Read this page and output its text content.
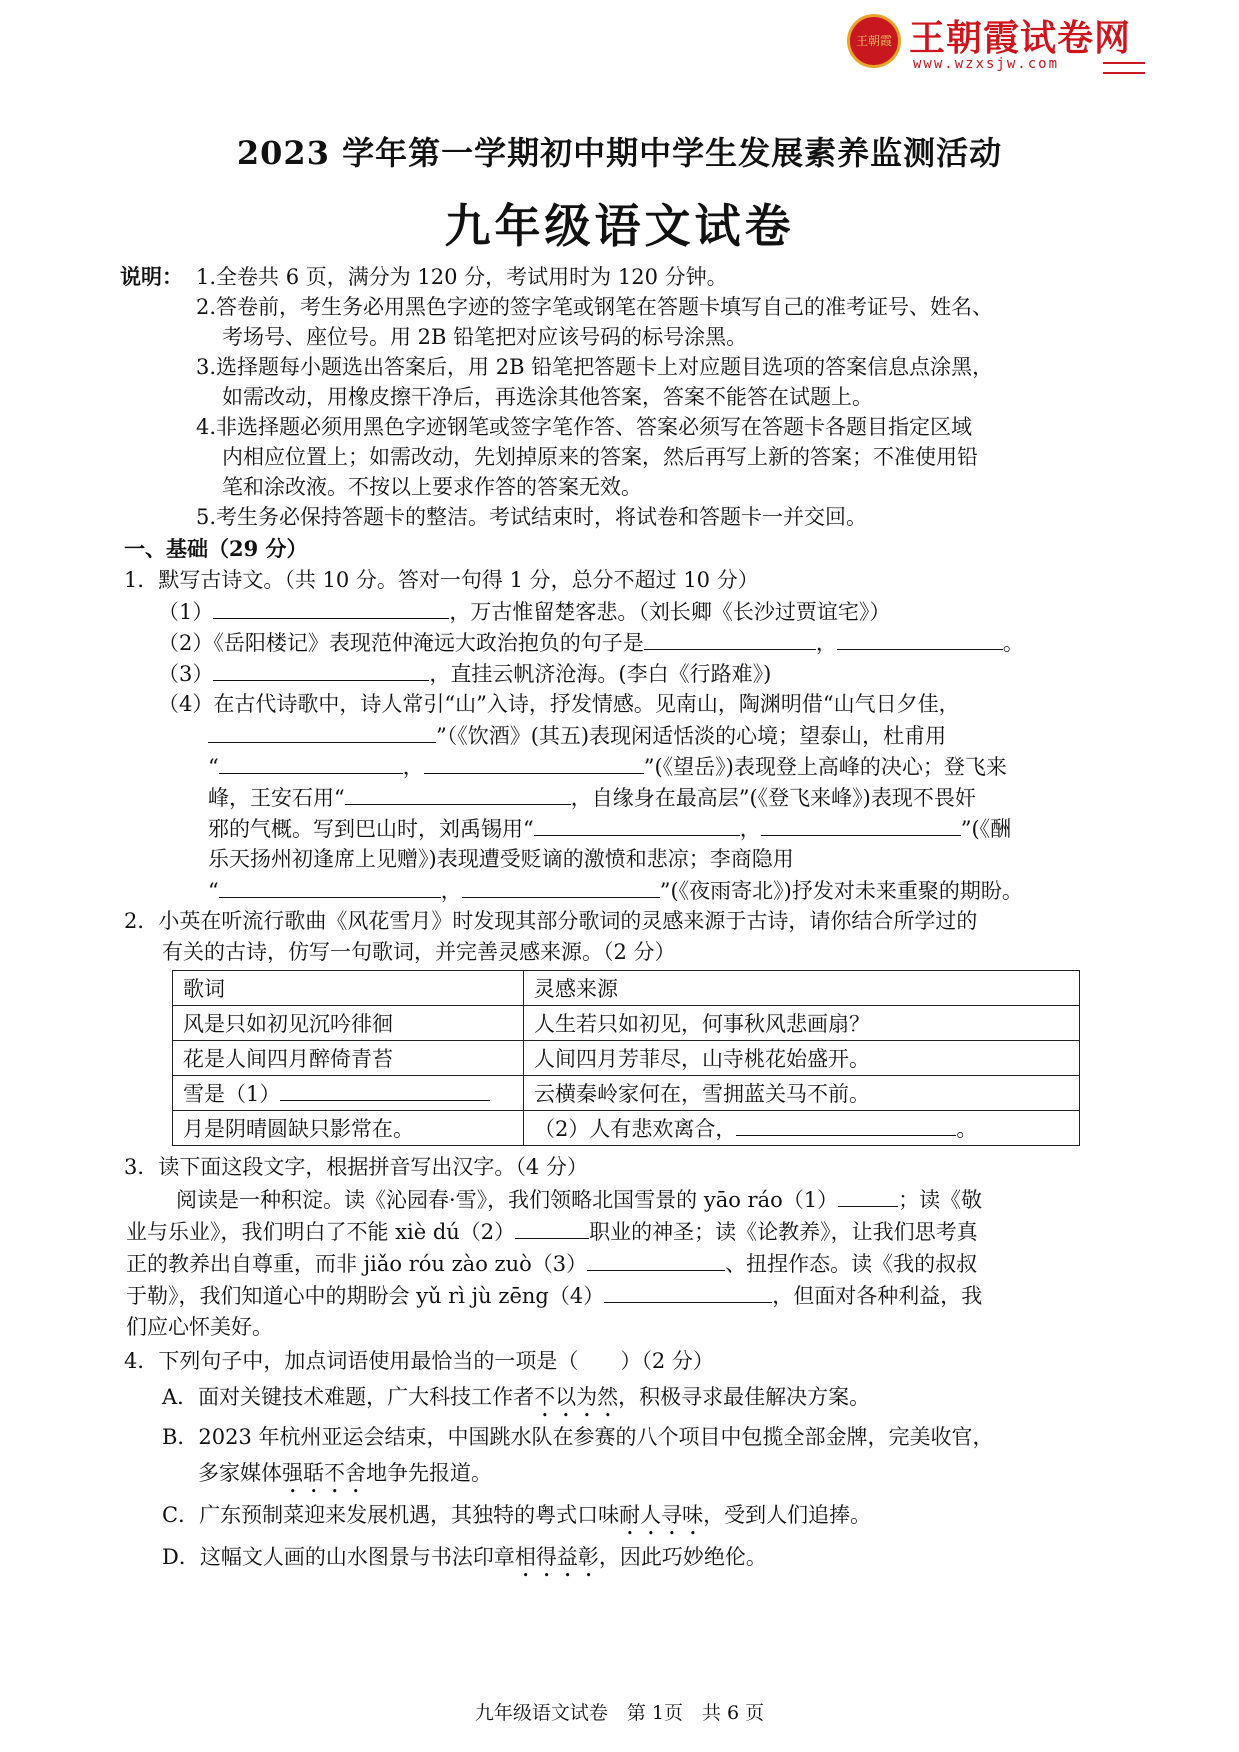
王朝霞 王朝霞试卷网
www.wzxsjw.com
2023 学年第一学期初中期中学生发展素养监测活动
九年级语文试卷
说明： 1.全卷共 6 页，满分为 120 分，考试用时为 120 分钟。
2.答卷前，考生务必用黑色字迹的签字笔或钢笔在答题卡填写自己的准考证号、姓名、
考场号、座位号。用 2B 铅笔把对应该号码的标号涂黑。
3.选择题每小题选出答案后，用 2B 铅笔把答题卡上对应题目选项的答案信息点涂黑，
如需改动，用橡皮擦干净后，再选涂其他答案，答案不能答在试题上。
4.非选择题必须用黑色字迹钢笔或签字笔作答、答案必须写在答题卡各题目指定区域
内相应位置上；如需改动，先划掉原来的答案，然后再写上新的答案；不准使用铅
笔和涂改液。不按以上要求作答的答案无效。
5.考生务必保持答题卡的整洁。考试结束时，将试卷和答题卡一并交回。
一、基础（29 分）
1．默写古诗文。（共 10 分。答对一句得 1 分，总分不超过 10 分）
（1）	，万古惟留楚客悲。（刘长卿《长沙过贾谊宅》）
（2）《岳阳楼记》表现范仲淹远大政治抱负的句子是	，	。
（3）	，直挂云帆济沧海。(李白《行路难》)
（4）在古代诗歌中，诗人常引“山”入诗，抒发情感。见南山，陶渊明借“山气日夕佳，
”（《饮酒》(其五)表现闲适恬淡的心境；望泰山，杜甫用
“	，	”(《望岳》)表现登上高峰的决心；登飞来
峰，王安石用“	，自缘身在最高层”(《登飞来峰》)表现不畏奸
邪的气概。写到巴山时，刘禹锡用“	，	”(《酬
乐天扬州初逢席上见赠》)表现遭受贬谪的激愤和悲凉；李商隐用
“	，	”(《夜雨寄北》)抒发对未来重聚的期盼。
2．小英在听流行歌曲《风花雪月》时发现其部分歌词的灵感来源于古诗，请你结合所学过的
有关的古诗，仿写一句歌词，并完善灵感来源。（2 分）
歌词	灵感来源
风是只如初见沉吟徘徊	人生若只如初见，何事秋风悲画扇？
花是人间四月醉倚青苔	人间四月芳菲尽，山寺桃花始盛开。
雪是（1）	云横秦岭家何在，雪拥蓝关马不前。
月是阴晴圆缺只影常在。	（2）人有悲欢离合， 。
3．读下面这段文字，根据拼音写出汉字。（4 分）
阅读是一种积淀。读《沁园春·雪》，我们领略北国雪景的 yāo ráo（1）	；读《敬
业与乐业》，我们明白了不能 xiè dú（2）	职业的神圣；读《论教养》，让我们思考真
正的教养出自尊重，而非 jiǎo róu zào zuò（3）	、扭捏作态。读《我的叔叔
于勒》，我们知道心中的期盼会 yǔ rì jù zēng（4）	，但面对各种利益，我
们应心怀美好。
4．下列句子中，加点词语使用最恰当的一项是（　　）（2 分）
A．面对关键技术难题，广大科技工作者不以为然，积极寻求最佳解决方案。
B．2023 年杭州亚运会结束，中国跳水队在参赛的八个项目中包揽全部金牌，完美收官，
多家媒体强聒不舍地争先报道。
C．广东预制菜迎来发展机遇，其独特的粤式口味耐人寻味，受到人们追捧。
D．这幅文人画的山水图景与书法印章相得益彰，因此巧妙绝伦。
九年级语文试卷　第 1页　共 6 页
